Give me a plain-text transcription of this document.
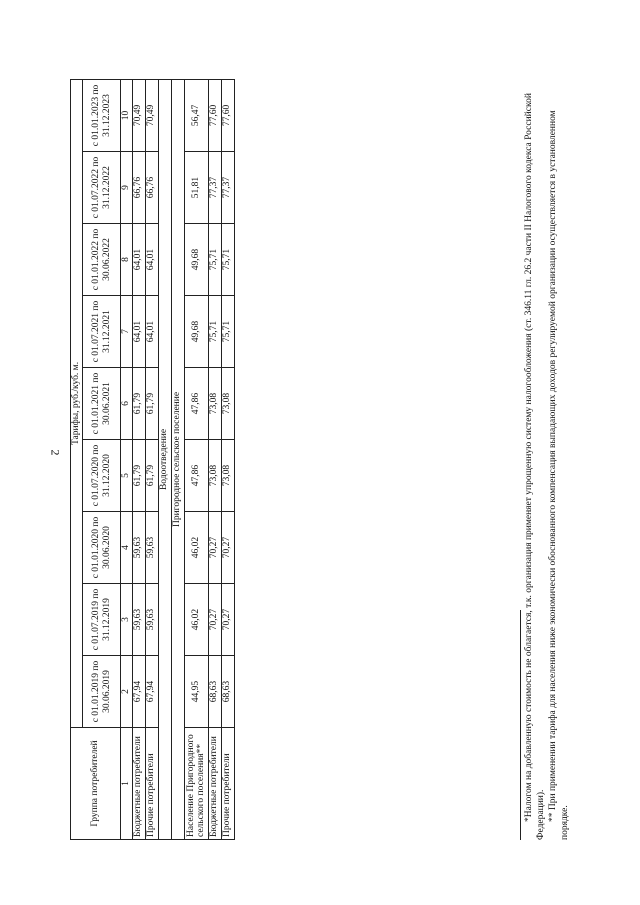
2
Группа потребителей	Тарифы, руб./куб. м.								
	с 01.01.2019 по 30.06.2019	с 01.07.2019 по 31.12.2019	с 01.01.2020 по 30.06.2020	с 01.07.2020 по 31.12.2020	с 01.01.2021 по 30.06.2021	с 01.07.2021 по 31.12.2021	с 01.01.2022 по 30.06.2022	с 01.07.2022 по 31.12.2022	с 01.01.2023 по 31.12.2023
1	2	3	4	5	6	7	8	9	10
Бюджетные потребители	67,94	59,63	59,63	61,79	61,79	64,01	64,01	66,76	70,49
Прочие потребители	67,94	59,63	59,63	61,79	61,79	64,01	64,01	66,76	70,49
Водоотведение									
Пригородное сельское поселение									
Население Пригородного сельского поселения**	44,95	46,02	46,02	47,86	47,86	49,68	49,68	51,81	56,47
Бюджетные потребители	68,63	70,27	70,27	73,08	73,08	75,71	75,71	77,37	77,60
Прочие потребители	68,63	70,27	70,27	73,08	73,08	75,71	75,71	77,37	77,60	*Налогом на добавленную стоимость не облагается, т.к. организация применяет упрощенную систему налогообложения (ст. 346.11 гл. 26.2 части II Налогового кодекса Российской Федерации). ** При применении тарифа для населения ниже экономически обоснованного компенсация выпадающих доходов регулируемой организации осуществляется в установленном порядке.
